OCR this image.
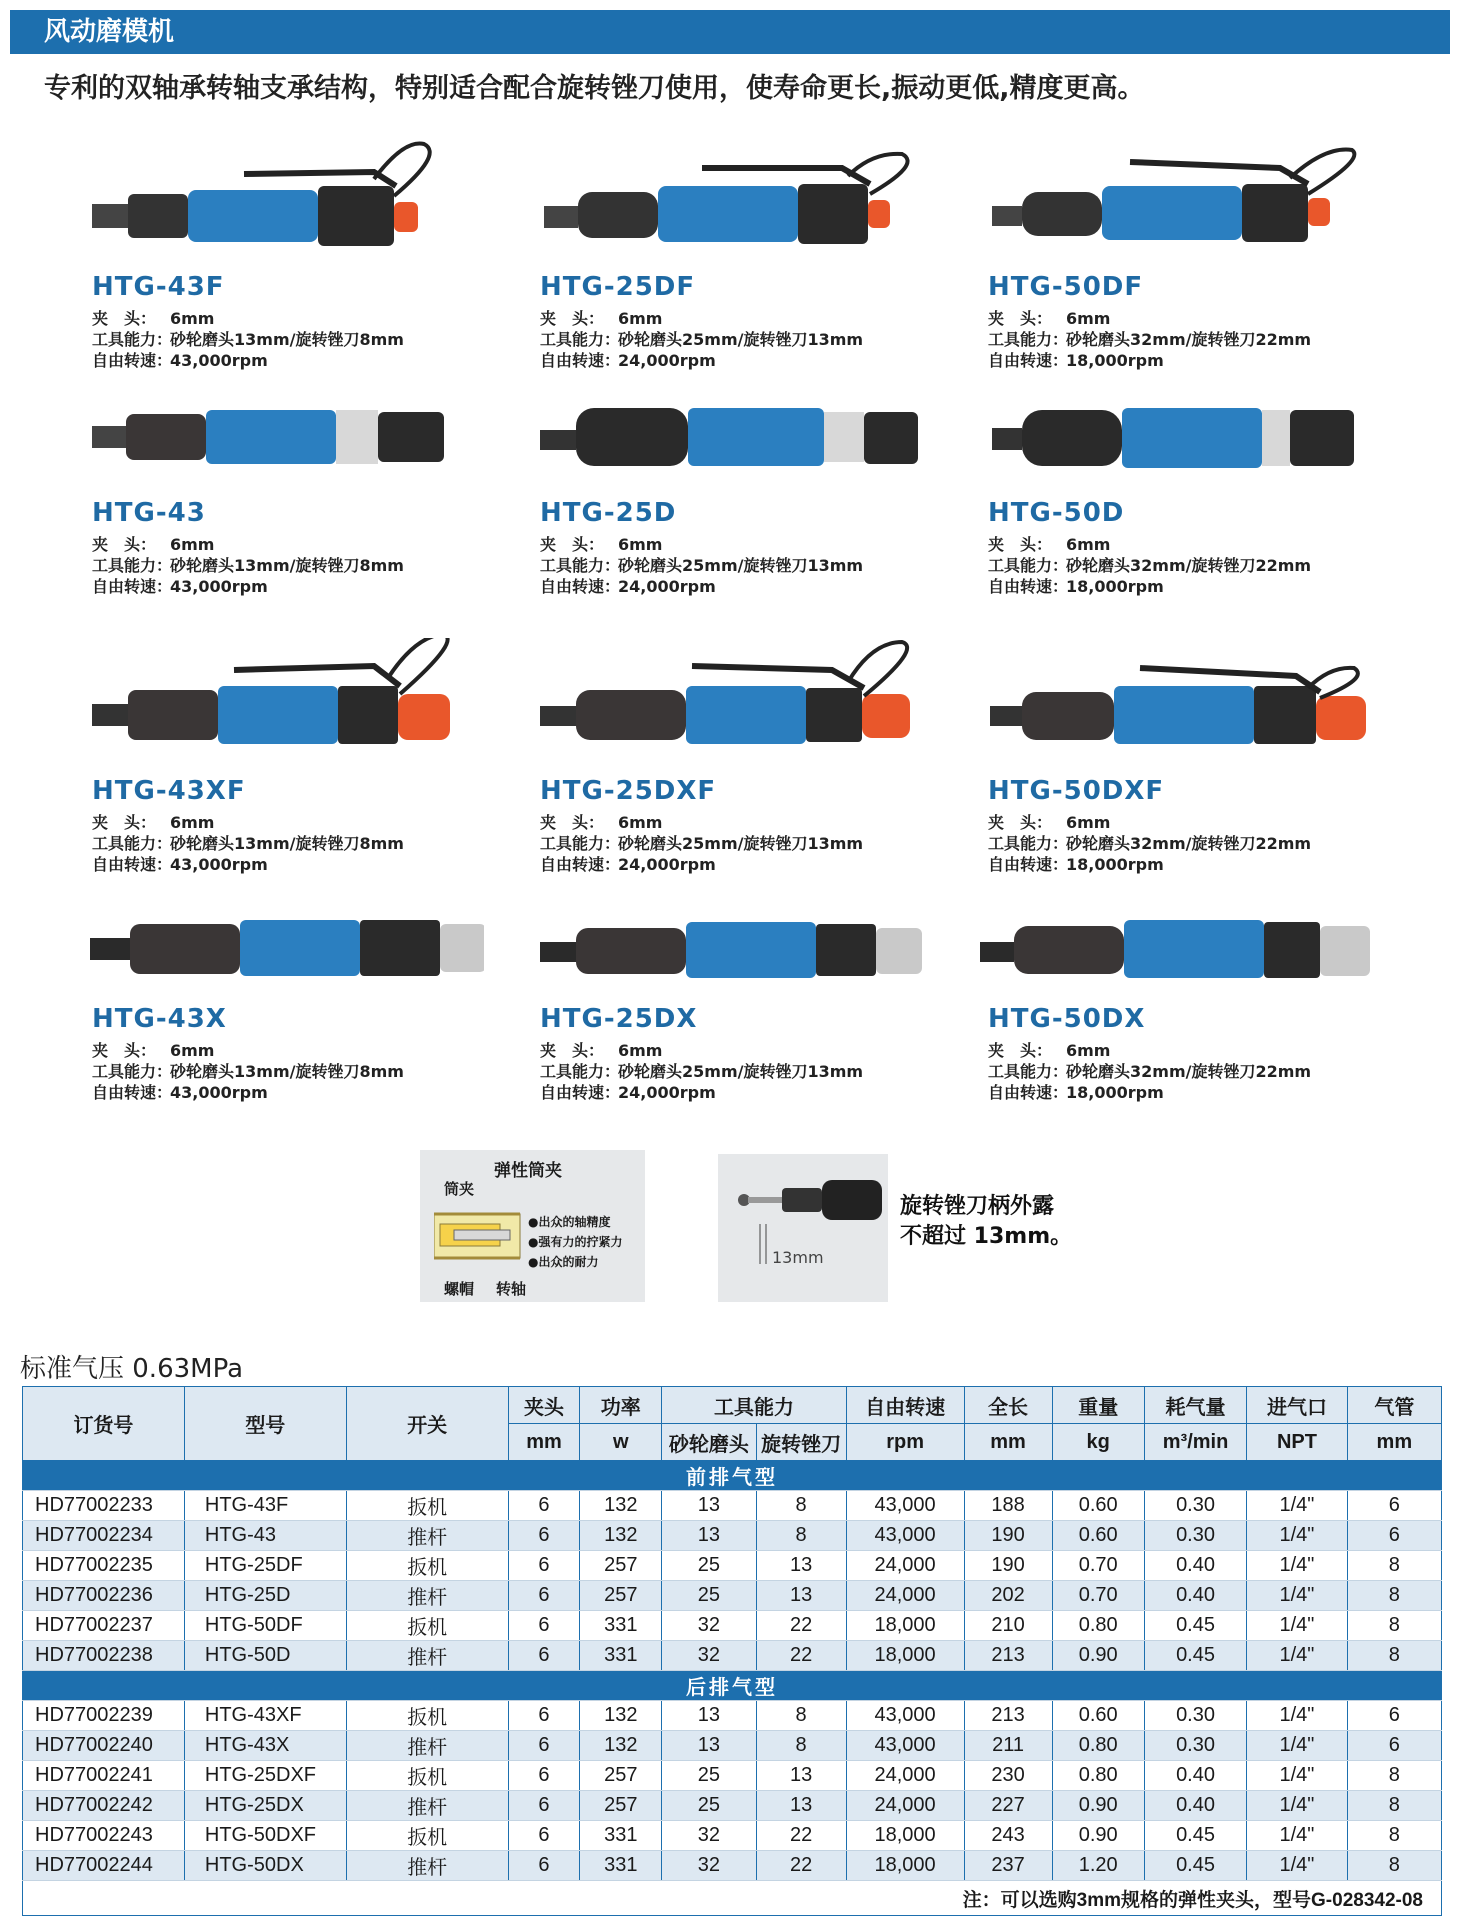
风动磨模机
专利的双轴承转轴支承结构，特别适合配合旋转锉刀使用，使寿命更长,振动更低,精度更高。
HTG-43F
夹　头： 6mm
工具能力：砂轮磨头13mm/旋转锉刀8mm
自由转速：43,000rpm
HTG-25DF
夹　头： 6mm
工具能力：砂轮磨头25mm/旋转锉刀13mm
自由转速：24,000rpm
HTG-50DF
夹　头： 6mm
工具能力：砂轮磨头32mm/旋转锉刀22mm
自由转速：18,000rpm
HTG-43
夹　头： 6mm
工具能力：砂轮磨头13mm/旋转锉刀8mm
自由转速：43,000rpm
HTG-25D
夹　头： 6mm
工具能力：砂轮磨头25mm/旋转锉刀13mm
自由转速：24,000rpm
HTG-50D
夹　头： 6mm
工具能力：砂轮磨头32mm/旋转锉刀22mm
自由转速：18,000rpm
HTG-43XF
夹　头： 6mm
工具能力：砂轮磨头13mm/旋转锉刀8mm
自由转速：43,000rpm
HTG-25DXF
夹　头： 6mm
工具能力：砂轮磨头25mm/旋转锉刀13mm
自由转速：24,000rpm
HTG-50DXF
夹　头： 6mm
工具能力：砂轮磨头32mm/旋转锉刀22mm
自由转速：18,000rpm
HTG-43X
夹　头： 6mm
工具能力：砂轮磨头13mm/旋转锉刀8mm
自由转速：43,000rpm
HTG-25DX
夹　头： 6mm
工具能力：砂轮磨头25mm/旋转锉刀13mm
自由转速：24,000rpm
HTG-50DX
夹　头： 6mm
工具能力：砂轮磨头32mm/旋转锉刀22mm
自由转速：18,000rpm
弹性筒夹
筒夹
●出众的轴精度
●强有力的拧紧力
●出众的耐力
螺帽 转轴
13mm
旋转锉刀柄外露
不超过 13mm。
标准气压 0.63MPa
订货号	型号	开关	夹头	功率	工具能力		自由转速	全长	重量	耗气量	进气口	气管
			mm	w	砂轮磨头	旋转锉刀	rpm	mm	kg	m³/min	NPT	mm
前排气型												
HD77002233	HTG-43F	扳机	6	132	13	8	43,000	188	0.60	0.30	1/4"	6
HD77002234	HTG-43	推杆	6	132	13	8	43,000	190	0.60	0.30	1/4"	6
HD77002235	HTG-25DF	扳机	6	257	25	13	24,000	190	0.70	0.40	1/4"	8
HD77002236	HTG-25D	推杆	6	257	25	13	24,000	202	0.70	0.40	1/4"	8
HD77002237	HTG-50DF	扳机	6	331	32	22	18,000	210	0.80	0.45	1/4"	8
HD77002238	HTG-50D	推杆	6	331	32	22	18,000	213	0.90	0.45	1/4"	8
后排气型												
HD77002239	HTG-43XF	扳机	6	132	13	8	43,000	213	0.60	0.30	1/4"	6
HD77002240	HTG-43X	推杆	6	132	13	8	43,000	211	0.80	0.30	1/4"	6
HD77002241	HTG-25DXF	扳机	6	257	25	13	24,000	230	0.80	0.40	1/4"	8
HD77002242	HTG-25DX	推杆	6	257	25	13	24,000	227	0.90	0.40	1/4"	8
HD77002243	HTG-50DXF	扳机	6	331	32	22	18,000	243	0.90	0.45	1/4"	8
HD77002244	HTG-50DX	推杆	6	331	32	22	18,000	237	1.20	0.45	1/4"	8
注：可以选购3mm规格的弹性夹头，型号G-028342-08												
